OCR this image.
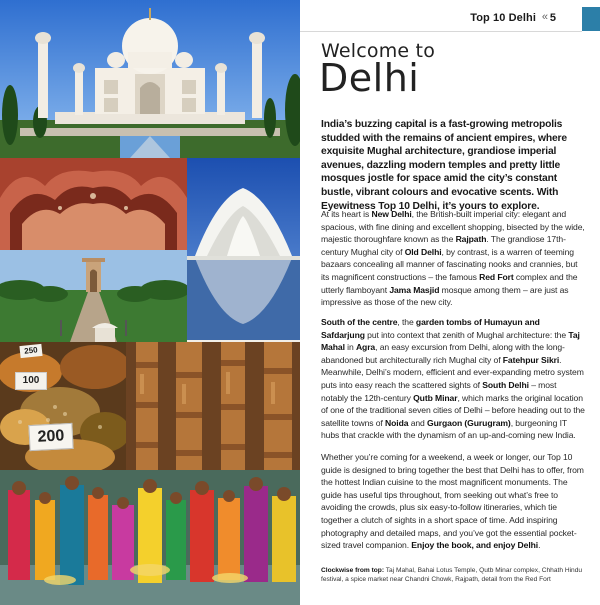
250
100
200
Top 10 Delhi « 5
Welcome to
Delhi
India’s buzzing capital is a fast-growing metropolis studded with the remains of ancient empires, where exquisite Mughal architecture, grandiose imperial avenues, dazzling modern temples and pretty little mosques jostle for space amid the city’s constant bustle, vibrant colours and evocative scents. With Eyewitness Top 10 Delhi, it’s yours to explore.
At its heart is New Delhi, the British-built imperial city: elegant and spacious, with fine dining and excellent shopping, bisected by the wide, majestic thoroughfare known as the Rajpath. The grandiose 17th-century Mughal city of Old Delhi, by contrast, is a warren of teeming bazaars concealing all manner of fascinating nooks and crannies, but its magnificent constructions – the famous Red Fort complex and the utterly flamboyant Jama Masjid mosque among them – are just as impressive as those of the new city.
South of the centre, the garden tombs of Humayun and Safdarjung put into context that zenith of Mughal architecture: the Taj Mahal in Agra, an easy excursion from Delhi, along with the long-abandoned but architecturally rich Mughal city of Fatehpur Sikri. Meanwhile, Delhi’s modern, efficient and ever-expanding metro system puts into easy reach the scattered sights of South Delhi – most notably the 12th-century Qutb Minar, which marks the original location of one of the traditional seven cities of Delhi – before heading out to the satellite towns of Noida and Gurgaon (Gurugram), burgeoning IT hubs that crackle with the dynamism of an up-and-coming new India.
Whether you’re coming for a weekend, a week or longer, our Top 10 guide is designed to bring together the best that Delhi has to offer, from the hottest Indian cuisine to the most magnificent monuments. The guide has useful tips throughout, from seeking out what’s free to avoiding the crowds, plus six easy-to-follow itineraries, which tie together a clutch of sights in a short space of time. Add inspiring photography and detailed maps, and you’ve got the essential pocket-sized travel companion. Enjoy the book, and enjoy Delhi.
Clockwise from top: Taj Mahal, Bahai Lotus Temple, Qutb Minar complex, Chhath Hindu festival, a spice market near Chandni Chowk, Rajpath, detail from the Red Fort
